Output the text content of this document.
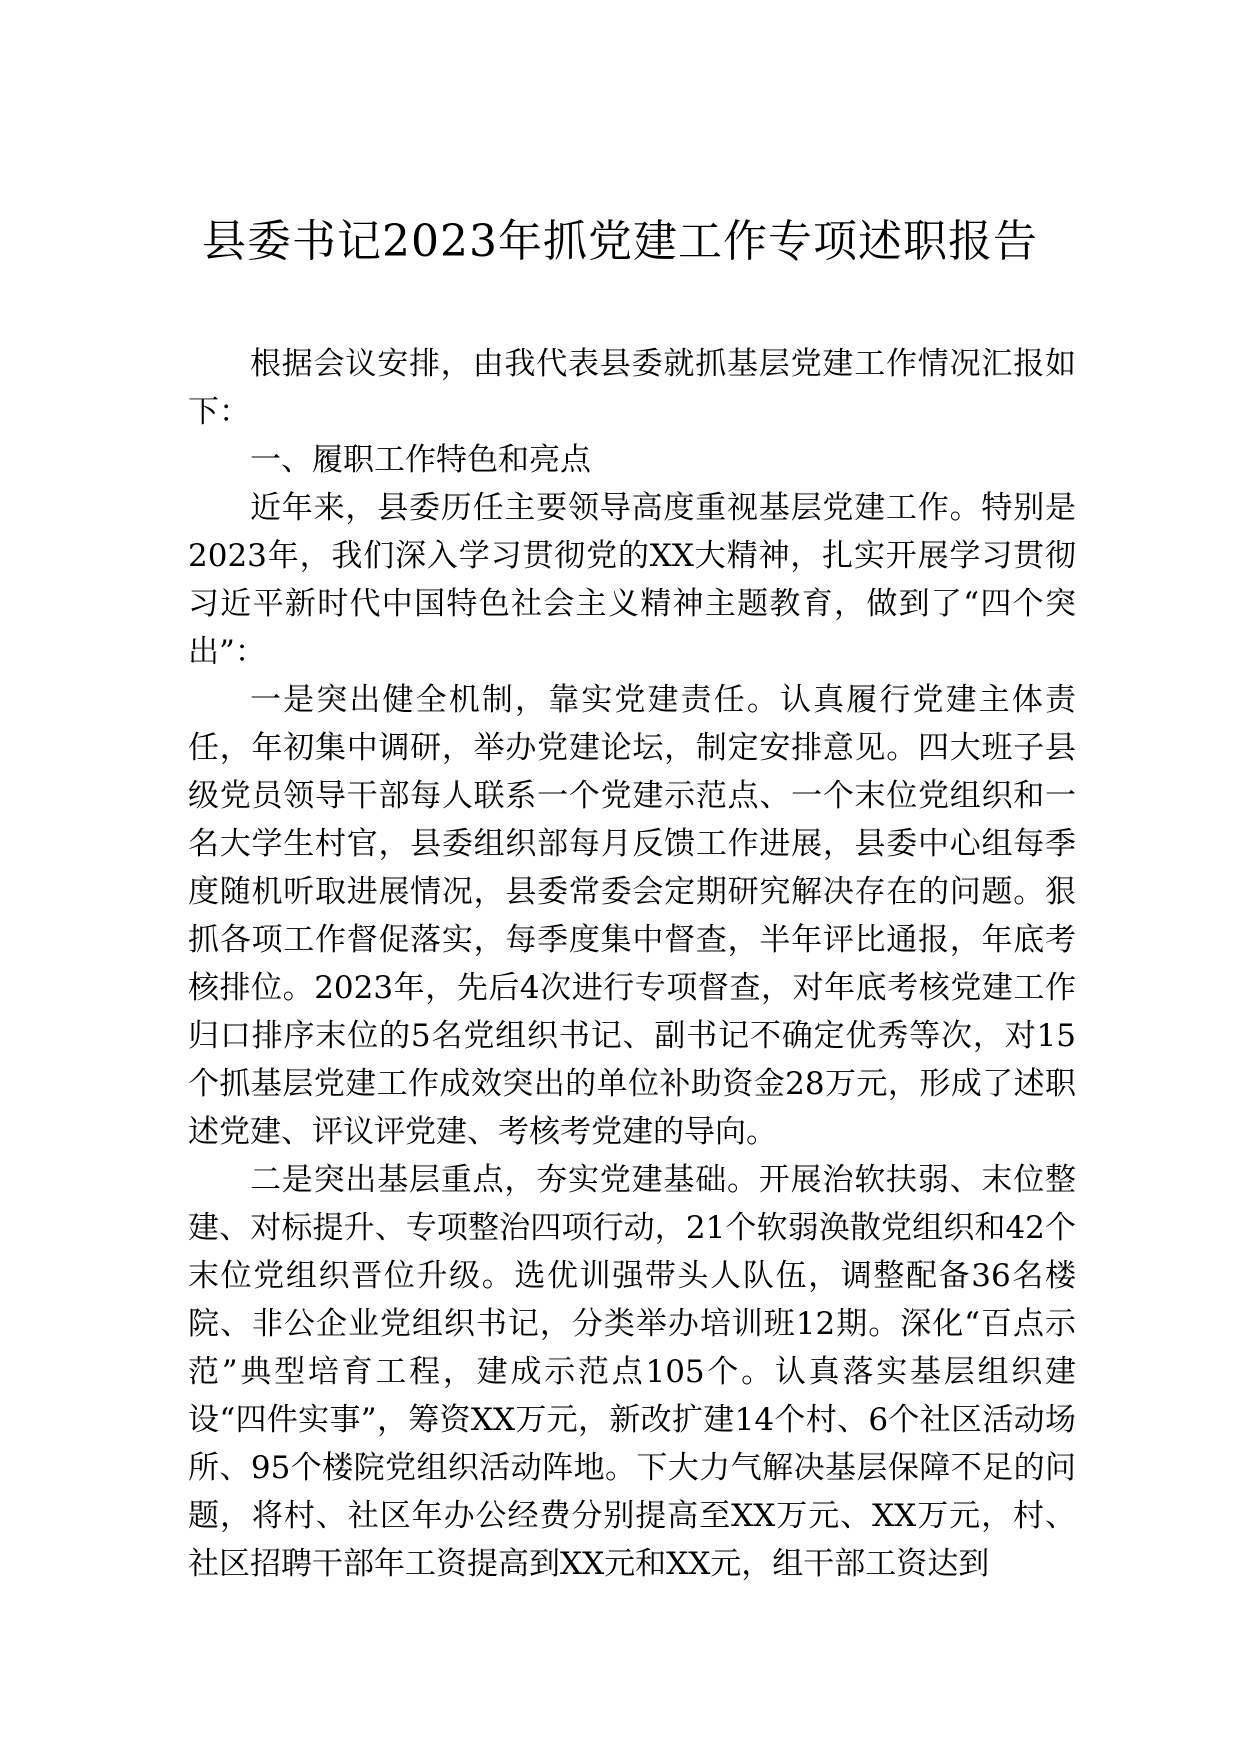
县委书记2023年抓党建工作专项述职报告

根据会议安排，由我代表县委就抓基层党建工作情况汇报如下：

一、履职工作特色和亮点

近年来，县委历任主要领导高度重视基层党建工作。特别是2023年，我们深入学习贯彻党的XX大精神，扎实开展学习贯彻习近平新时代中国特色社会主义精神主题教育，做到了“四个突出”：

一是突出健全机制，靠实党建责任。认真履行党建主体责任，年初集中调研，举办党建论坛，制定安排意见。四大班子县级党员领导干部每人联系一个党建示范点、一个末位党组织和一名大学生村官，县委组织部每月反馈工作进展，县委中心组每季度随机听取进展情况，县委常委会定期研究解决存在的问题。狠抓各项工作督促落实，每季度集中督查，半年评比通报，年底考核排位。2023年，先后4次进行专项督查，对年底考核党建工作归口排序末位的5名党组织书记、副书记不确定优秀等次，对15个抓基层党建工作成效突出的单位补助资金28万元，形成了述职述党建、评议评党建、考核考党建的导向。

二是突出基层重点，夯实党建基础。开展治软扶弱、末位整建、对标提升、专项整治四项行动，21个软弱涣散党组织和42个末位党组织晋位升级。选优训强带头人队伍，调整配备36名楼院、非公企业党组织书记，分类举办培训班12期。深化“百点示范”典型培育工程，建成示范点105个。认真落实基层组织建设“四件实事”，筹资XX万元，新改扩建14个村、6个社区活动场所、95个楼院党组织活动阵地。下大力气解决基层保障不足的问题，将村、社区年办公经费分别提高至XX万元、XX万元，村、社区招聘干部年工资提高到XX元和XX元，组干部工资达到
